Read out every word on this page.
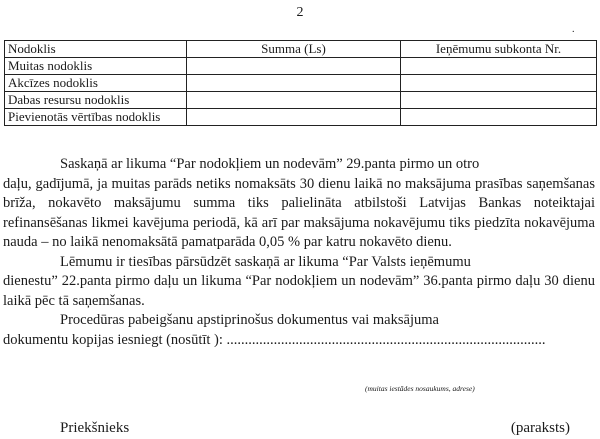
2
.
Nodoklis	Summa (Ls)	Ieņēmumu subkonta Nr.
Muitas nodoklis		
Akcīzes nodoklis		
Dabas resursu nodoklis		
Pievienotās vērtības nodoklis		

Saskaņā ar likuma “Par nodokļiem un nodevām” 29.panta pirmo un otro
daļu, gadījumā, ja muitas parāds netiks nomaksāts 30 dienu laikā no maksājuma prasības saņemšanas brīža, nokavēto maksājumu summa tiks palielināta atbilstoši Latvijas Bankas noteiktajai refinansēšanas likmei kavējuma periodā, kā arī par maksājuma nokavējumu tiks piedzīta nokavējuma nauda – no laikā nenomaksātā pamatparāda 0,05 % par katru nokavēto dienu.

Lēmumu ir tiesības pārsūdzēt saskaņā ar likuma “Par Valsts ieņēmumu
dienestu” 22.panta pirmo daļu un likuma “Par nodokļiem un nodevām” 36.panta pirmo daļu 30 dienu laikā pēc tā saņemšanas.

Procedūras pabeigšanu apstiprinošus dokumentus vai maksājuma
dokumentu kopijas iesniegt (nosūtīt ): ........................................................................................

(muitas iestādes nosaukums, adrese)
Priekšnieks	(paraksts)
